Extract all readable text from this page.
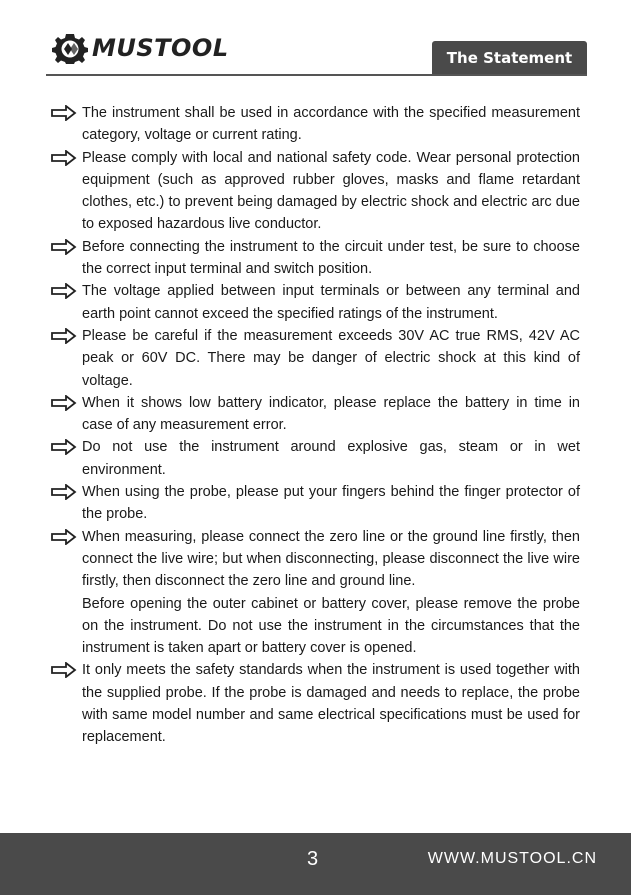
MUSTOOL	The Statement

The instrument shall be used in accordance with the specified measurement category, voltage or current rating.

Please comply with local and national safety code. Wear personal protection equipment (such as approved rubber gloves, masks and flame retardant clothes, etc.) to prevent being damaged by electric shock and electric arc due to exposed hazardous live conductor.

Before connecting the instrument to the circuit under test, be sure to choose the correct input terminal and switch position.

The voltage applied between input terminals or between any terminal and earth point cannot exceed the specified ratings of the instrument.

Please be careful if the measurement exceeds 30V AC true RMS, 42V AC peak or 60V DC. There may be danger of electric shock at this kind of voltage.

When it shows low battery indicator, please replace the battery in time in case of any measurement error.

Do not use the instrument around explosive gas, steam or in wet environment.

When using the probe, please put your fingers behind the finger protector of the probe.

When measuring, please connect the zero line or the ground line firstly, then connect the live wire; but when disconnecting, please disconnect the live wire firstly, then disconnect the zero line and ground line.

Before opening the outer cabinet or battery cover, please remove the probe on the instrument. Do not use the instrument in the circumstances that the instrument is taken apart or battery cover is opened.

It only meets the safety standards when the instrument is used together with the supplied probe. If the probe is damaged and needs to replace, the probe with same model number and same electrical specifications must be used for replacement.

3	WWW.MUSTOOL.CN
